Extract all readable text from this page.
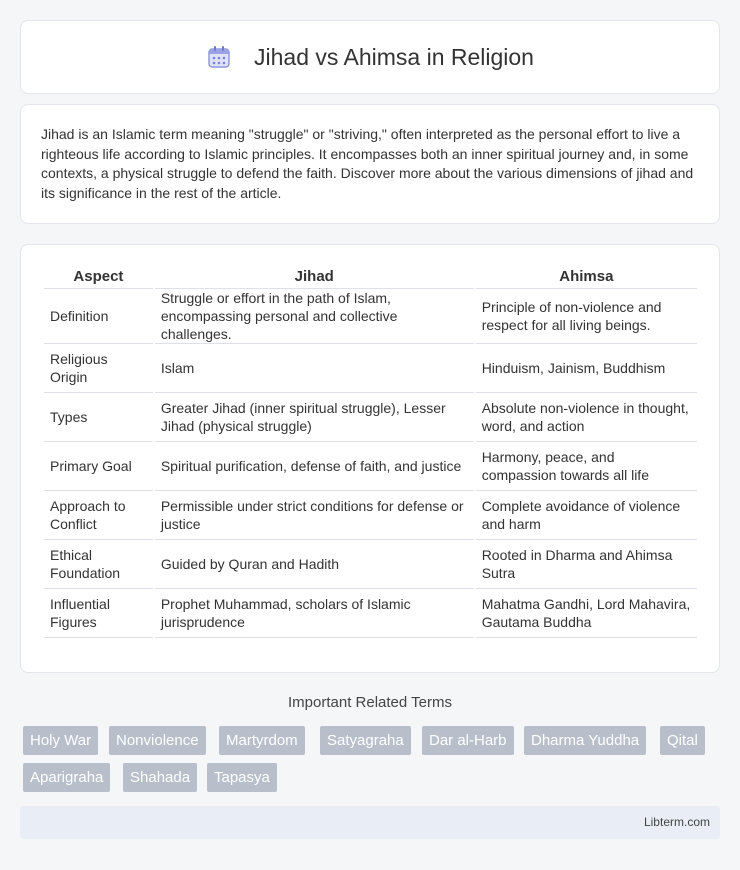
Jihad vs Ahimsa in Religion

Jihad is an Islamic term meaning "struggle" or "striving," often interpreted as the personal effort to live a righteous life according to Islamic principles. It encompasses both an inner spiritual journey and, in some contexts, a physical struggle to defend the faith. Discover more about the various dimensions of jihad and its significance in the rest of the article.

Aspect	Jihad	Ahimsa
Definition	Struggle or effort in the path of Islam, encompassing personal and collective challenges.	Principle of non-violence and respect for all living beings.
Religious Origin	Islam	Hinduism, Jainism, Buddhism
Types	Greater Jihad (inner spiritual struggle), Lesser Jihad (physical struggle)	Absolute non-violence in thought, word, and action
Primary Goal	Spiritual purification, defense of faith, and justice	Harmony, peace, and compassion towards all life
Approach to Conflict	Permissible under strict conditions for defense or justice	Complete avoidance of violence and harm
Ethical Foundation	Guided by Quran and Hadith	Rooted in Dharma and Ahimsa Sutra
Influential Figures	Prophet Muhammad, scholars of Islamic jurisprudence	Mahatma Gandhi, Lord Mahavira, Gautama Buddha
Important Related Terms
Holy War	Nonviolence	Martyrdom	Satyagraha	Dar al-Harb	Dharma Yuddha	Qital
Aparigraha	Shahada	Tapasya
Libterm.com
